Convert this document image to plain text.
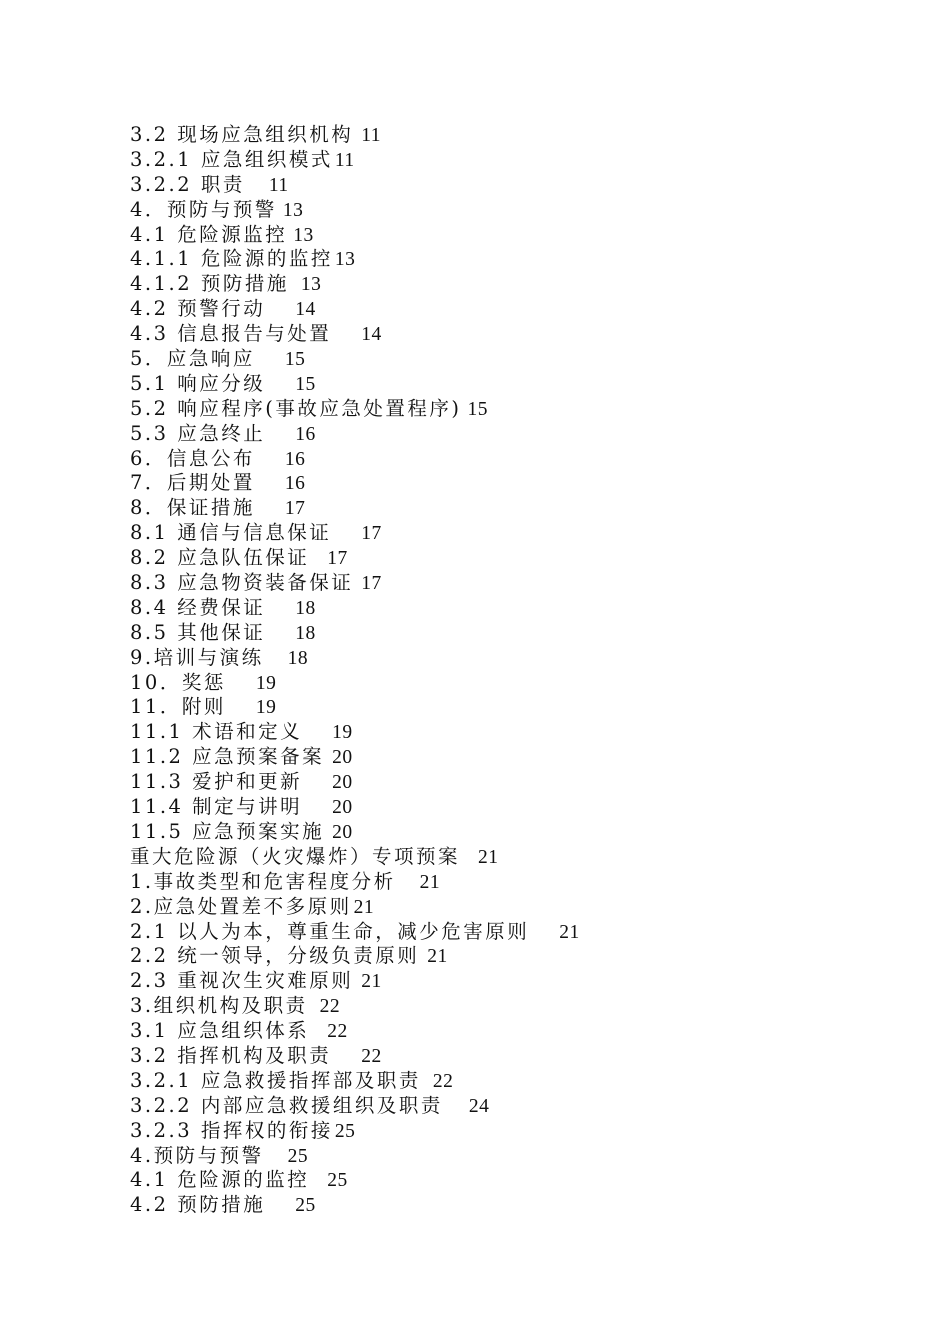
3.2 现场应急组织机构 11
3.2.1 应急组织模式 11
3.2.2 职责 11
4．预防与预警 13
4.1 危险源监控 13
4.1.1 危险源的监控 13
4.1.2 预防措施 13
4.2 预警行动 14
4.3 信息报告与处置 14
5．应急响应 15
5.1 响应分级 15
5.2 响应程序(事故应急处置程序) 15
5.3 应急终止 16
6．信息公布 16
7．后期处置 16
8．保证措施 17
8.1 通信与信息保证 17
8.2 应急队伍保证 17
8.3 应急物资装备保证 17
8.4 经费保证 18
8.5 其他保证 18
9.培训与演练 18
10．奖惩 19
11．附则 19
11.1 术语和定义 19
11.2 应急预案备案 20
11.3 爱护和更新 20
11.4 制定与讲明 20
11.5 应急预案实施 20
重大危险源（火灾爆炸）专项预案 21
1.事故类型和危害程度分析 21
2.应急处置差不多原则 21
2.1 以人为本，尊重生命，减少危害原则 21
2.2 统一领导，分级负责原则 21
2.3 重视次生灾难原则 21
3.组织机构及职责 22
3.1 应急组织体系 22
3.2 指挥机构及职责 22
3.2.1 应急救援指挥部及职责 22
3.2.2 内部应急救援组织及职责 24
3.2.3 指挥权的衔接 25
4.预防与预警 25
4.1 危险源的监控 25
4.2 预防措施 25
